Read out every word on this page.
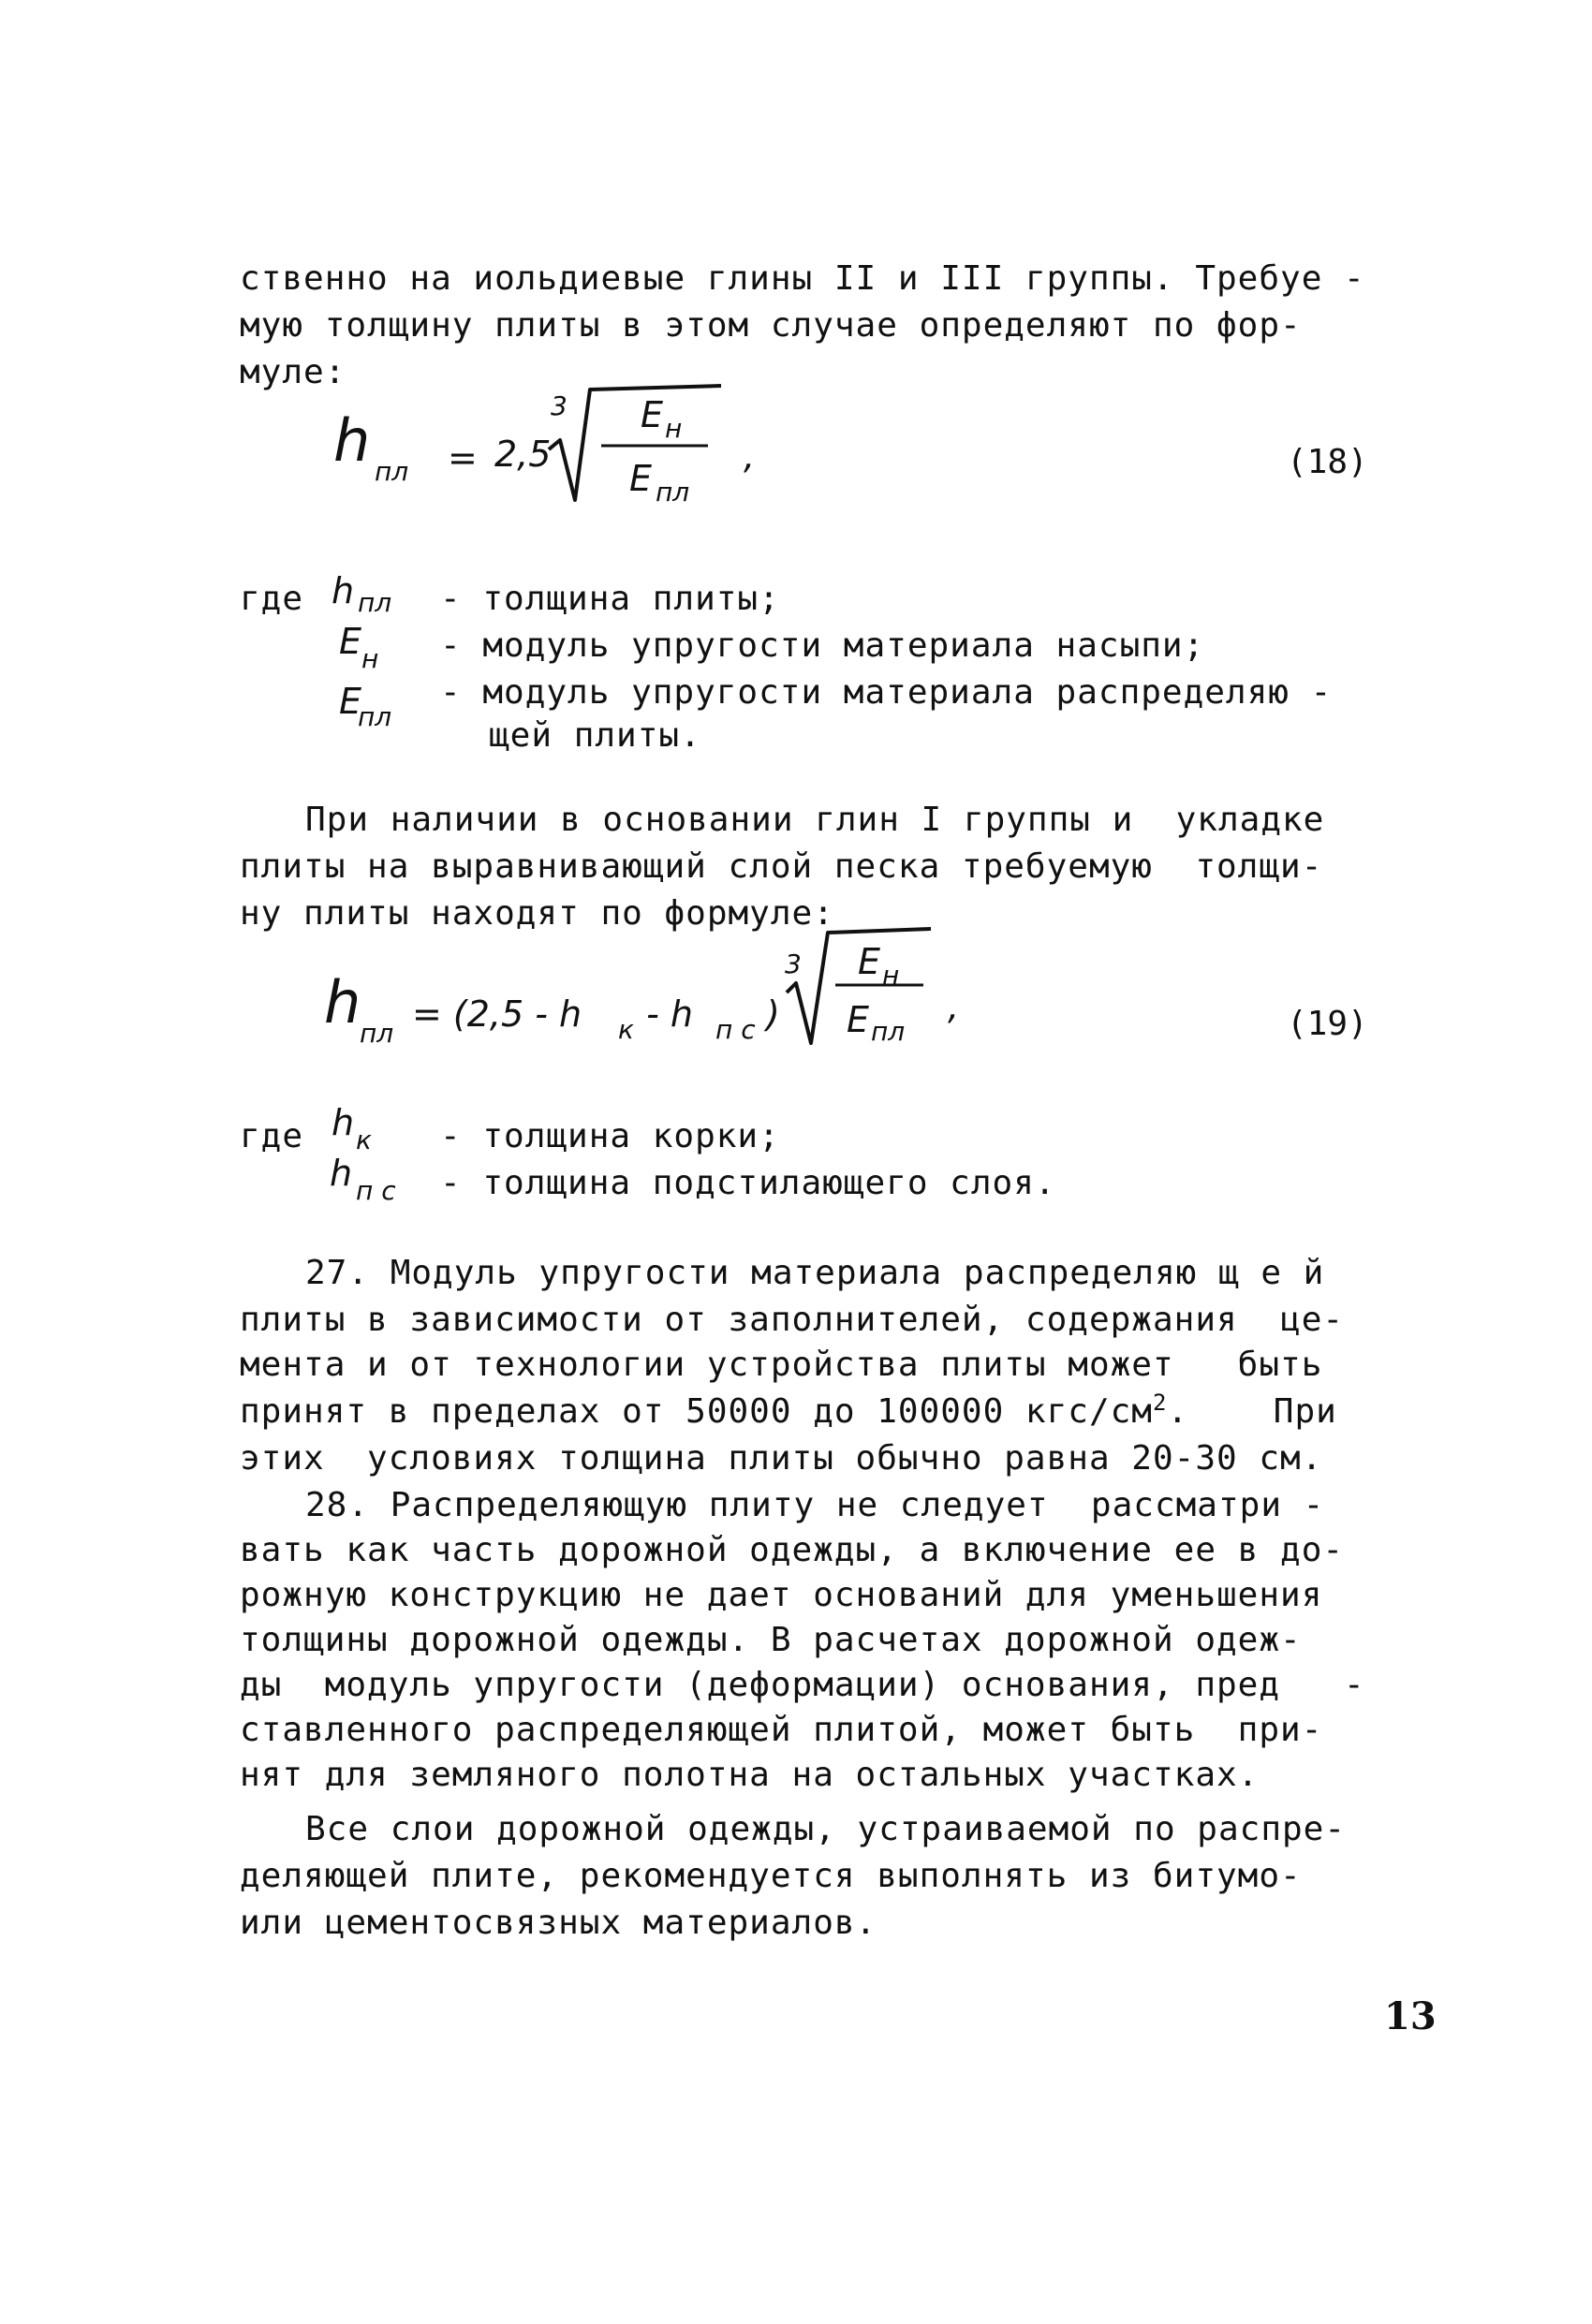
ственно на иольдиевые глины II и III группы. Требуе -
мую толщину плиты в этом случае определяют по фор-
муле:
h пл = 2,5
3 E н
E пл
,	(18)
где h пл
E н
E
пл
- толщина плиты;
- модуль упругости материала насыпи;
- модуль упругости материала распределяю -
щей плиты.
При наличии в основании глин I группы и  укладке
плиты на выравнивающий слой песка требуемую  толщи-
ну плиты находят по формуле:
h
пл = (2,5 - h к - h п с )
3 E н
E пл
,	(19)
где h к
h п с
- толщина корки;
- толщина подстилающего слоя.
27. Модуль упругости материала распределяю щ е й
плиты в зависимости от заполнителей, содержания  це-
мента и от технологии устройства плиты может   быть
принят в пределах от 50000 до 100000 кгс/$см^2$.    При
этих  условиях толщина плиты обычно равна 20-30 см.
28. Распределяющую плиту не следует  рассматри -
вать как часть дорожной одежды, а включение ее в до-
рожную конструкцию не дает оснований для уменьшения
толщины дорожной одежды. В расчетах дорожной одеж-
ды  модуль упругости (деформации) основания, пред   -
ставленного распределяющей плитой, может быть  при-
нят для земляного полотна на остальных участках.
Все слои дорожной одежды, устраиваемой по распре-
деляющей плите, рекомендуется выполнять из битумо-
или цементосвязных материалов.
13
